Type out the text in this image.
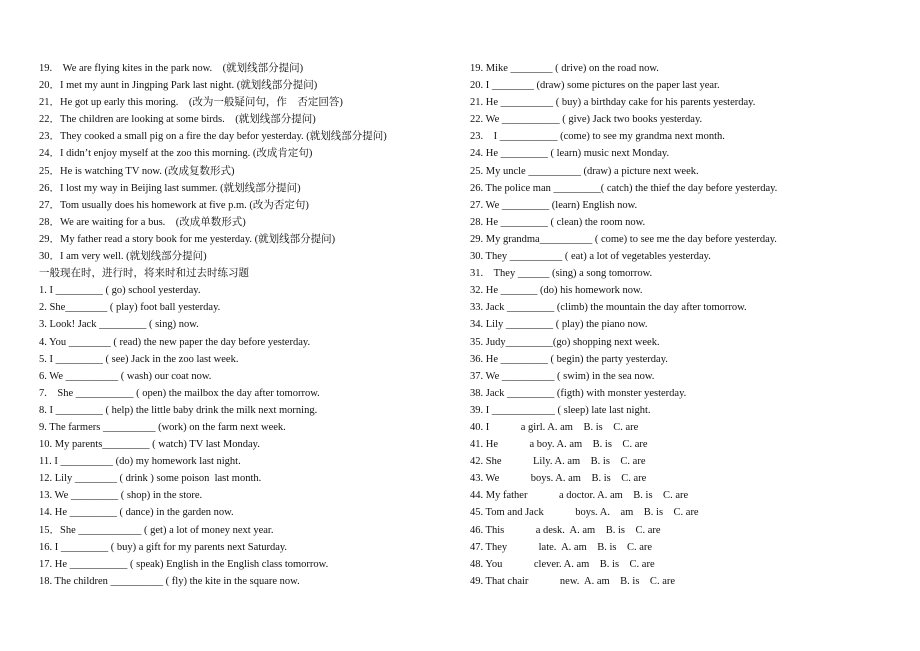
19.　We are flying kites in the park now.　(就划线部分提问)
20．I met my aunt in Jingping Park last night. (就划线部分提问)
21．He got up early this moring.　(改为一般疑问句，作　否定回答)
22．The children are looking at some birds.　(就划线部分提问)
23．They cooked a small pig on a fire the day befor yesterday. (就划线部分提问)
24．I didn’t enjoy myself at the zoo this morning. (改成肯定句)
25．He is watching TV now. (改成复数形式)
26．I lost my way in Beijing last summer. (就划线部分提问)
27．Tom usually does his homework at five p.m. (改为否定句)
28．We are waiting for a bus.　(改成单数形式)
29．My father read a story book for me yesterday. (就划线部分提问)
30．I am very well. (就划线部分提问)
一般现在时，进行时，将来时和过去时练习题
1. I _________ ( go) school yesterday.
2. She________ ( play) foot ball yesterday.
3. Look! Jack _________ ( sing) now.
4. You ________ ( read) the new paper the day before yesterday.
5. I _________ ( see) Jack in the zoo last week.
6. We __________ ( wash) our coat now.
7.　She ___________ ( open) the mailbox the day after tomorrow.
8. I _________ ( help) the little baby drink the milk next morning.
9. The farmers __________ (work) on the farm next week.
10. My parents_________ ( watch) TV last Monday.
11. I __________ (do) my homework last night.
12. Lily ________ ( drink ) some poison  last month.
13. We _________ ( shop) in the store.
14. He _________ ( dance) in the garden now.
15．She ____________ ( get) a lot of money next year.
16. I _________ ( buy) a gift for my parents next Saturday.
17. He ___________ ( speak) English in the English class tomorrow.
18. The children __________ ( fly) the kite in the square now.
19. Mike ________ ( drive) on the road now.
20. I ________ (draw) some pictures on the paper last year.
21. He __________ ( buy) a birthday cake for his parents yesterday.
22. We ___________ ( give) Jack two books yesterday.
23.　I ___________ (come) to see my grandma next month.
24. He _________ ( learn) music next Monday.
25. My uncle __________ (draw) a picture next week.
26. The police man _________( catch) the thief the day before yesterday.
27. We _________ (learn) English now.
28. He _________ ( clean) the room now.
29. My grandma__________ ( come) to see me the day before yesterday.
30. They __________ ( eat) a lot of vegetables yesterday.
31.　They ______ (sing) a song tomorrow.
32. He _______ (do) his homework now.
33. Jack _________ (climb) the mountain the day after tomorrow.
34. Lily _________ ( play) the piano now.
35. Judy_________(go) shopping next week.
36. He _________ ( begin) the party yesterday.
37. We __________ ( swim) in the sea now.
38. Jack _________ (figth) with monster yesterday.
39. I ____________ ( sleep) late last night.
40. I　　　a girl. A. am　B. is　C. are
41. He　　　a boy. A. am　B. is　C. are
42. She　　　Lily. A. am　B. is　C. are
43. We　　　boys. A. am　B. is　C. are
44. My father　　　a doctor. A. am　B. is　C. are
45. Tom and Jack　　　boys. A.　am　B. is　C. are
46. This　　　a desk.  A. am　B. is　C. are
47. They　　　late.  A. am　B. is　C. are
48. You　　　clever. A. am　B. is　C. are
49. That chair　　　new.  A. am　B. is　C. are
